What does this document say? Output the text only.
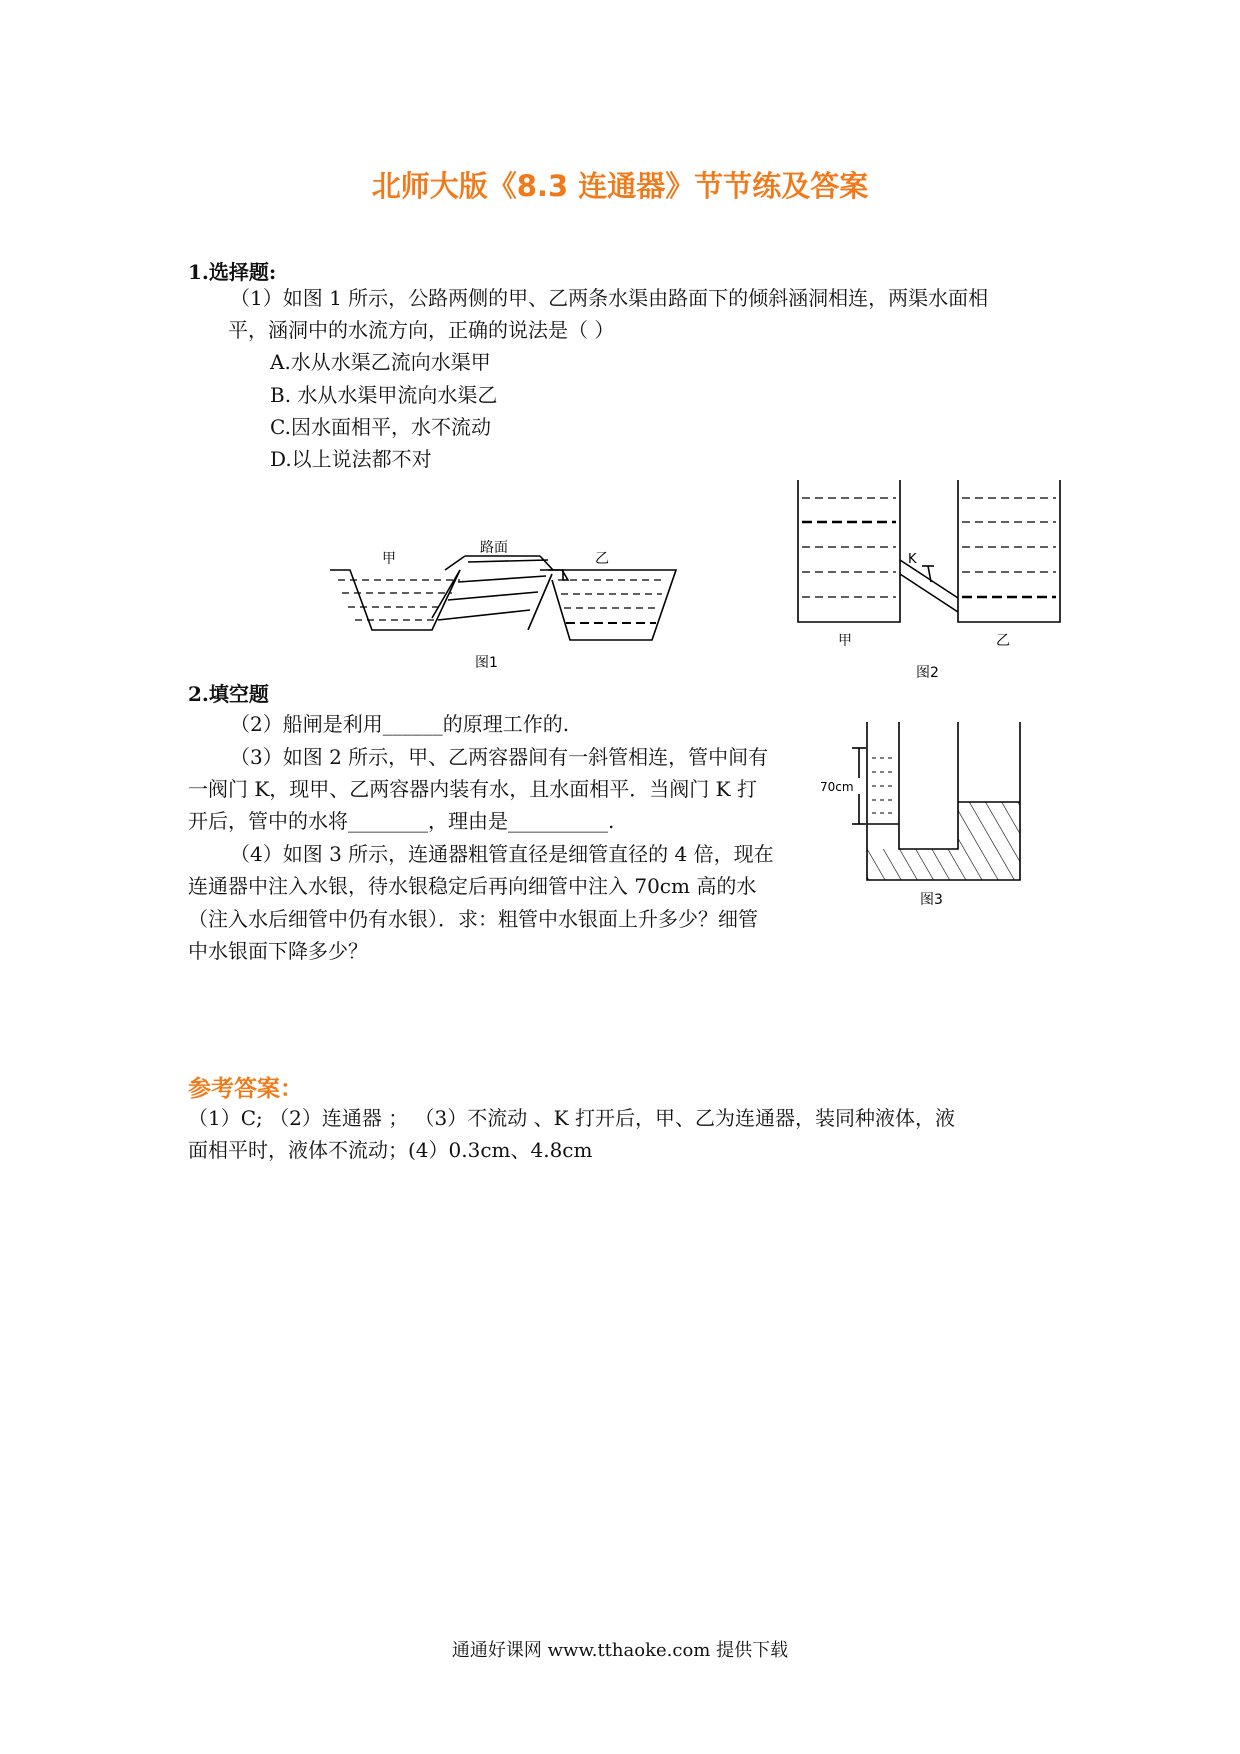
北师大版《8.3 连通器》节节练及答案
1.选择题:
（1）如图 1 所示，公路两侧的甲、乙两条水渠由路面下的倾斜涵洞相连，两渠水面相
平，涵洞中的水流方向，正确的说法是（ ）
A.水从水渠乙流向水渠甲
B. 水从水渠甲流向水渠乙
C.因水面相平，水不流动
D.以上说法都不对
甲
路面
乙
图1
K
甲	乙
图2
2.填空题
（2）船闸是利用______的原理工作的.
（3）如图 2 所示，甲、乙两容器间有一斜管相连，管中间有
一阀门 K，现甲、乙两容器内装有水，且水面相平．当阀门 K 打
开后，管中的水将________，理由是__________.
（4）如图 3 所示，连通器粗管直径是细管直径的 4 倍，现在
连通器中注入水银，待水银稳定后再向细管中注入 70cm 高的水
（注入水后细管中仍有水银）．求：粗管中水银面上升多少？细管
中水银面下降多少？
70cm
图3
参考答案：
（1）C; （2）连通器 ； （3）不流动 、K 打开后，甲、乙为连通器，装同种液体，液
面相平时，液体不流动；(4）0.3cm、4.8cm
通通好课网 www.tthaoke.com 提供下载
